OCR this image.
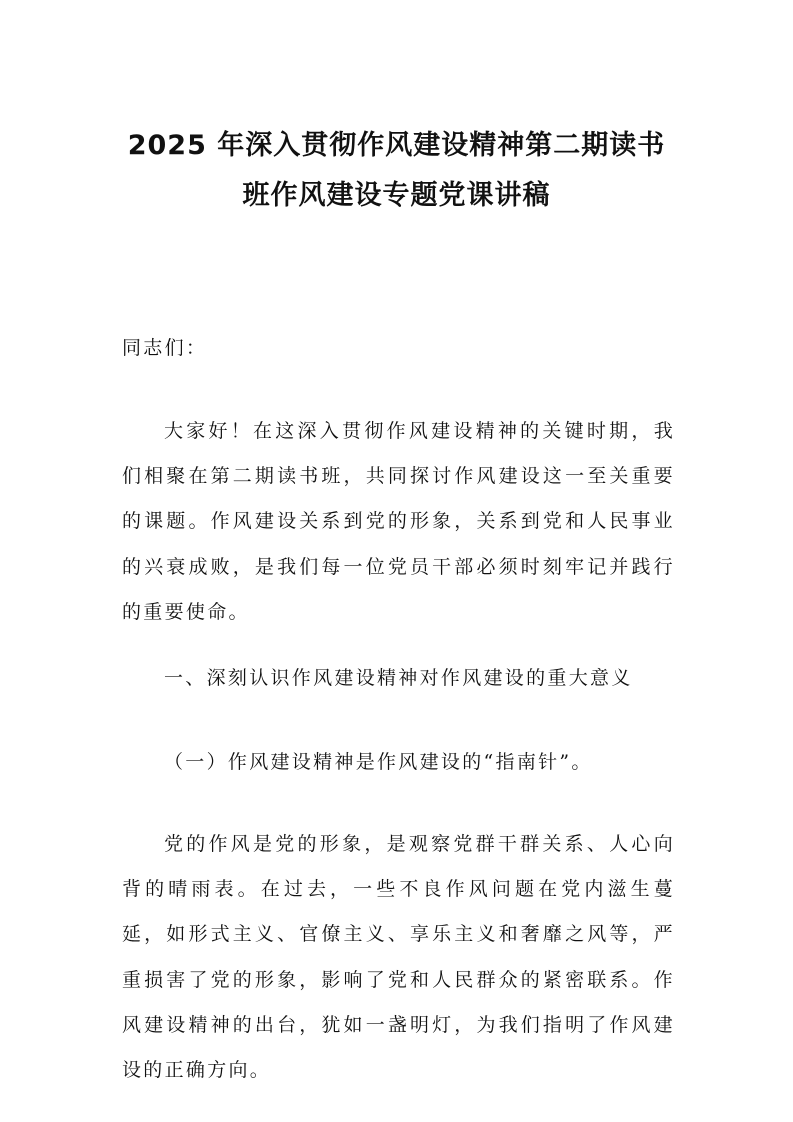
2025 年深入贯彻作风建设精神第二期读书
班作风建设专题党课讲稿

同志们：

大家好！在这深入贯彻作风建设精神的关键时期，我们相聚在第二期读书班，共同探讨作风建设这一至关重要的课题。作风建设关系到党的形象，关系到党和人民事业的兴衰成败，是我们每一位党员干部必须时刻牢记并践行的重要使命。

一、深刻认识作风建设精神对作风建设的重大意义

（一）作风建设精神是作风建设的“指南针”。

党的作风是党的形象，是观察党群干群关系、人心向背的晴雨表。在过去，一些不良作风问题在党内滋生蔓延，如形式主义、官僚主义、享乐主义和奢靡之风等，严重损害了党的形象，影响了党和人民群众的紧密联系。作风建设精神的出台，犹如一盏明灯，为我们指明了作风建设的正确方向。
